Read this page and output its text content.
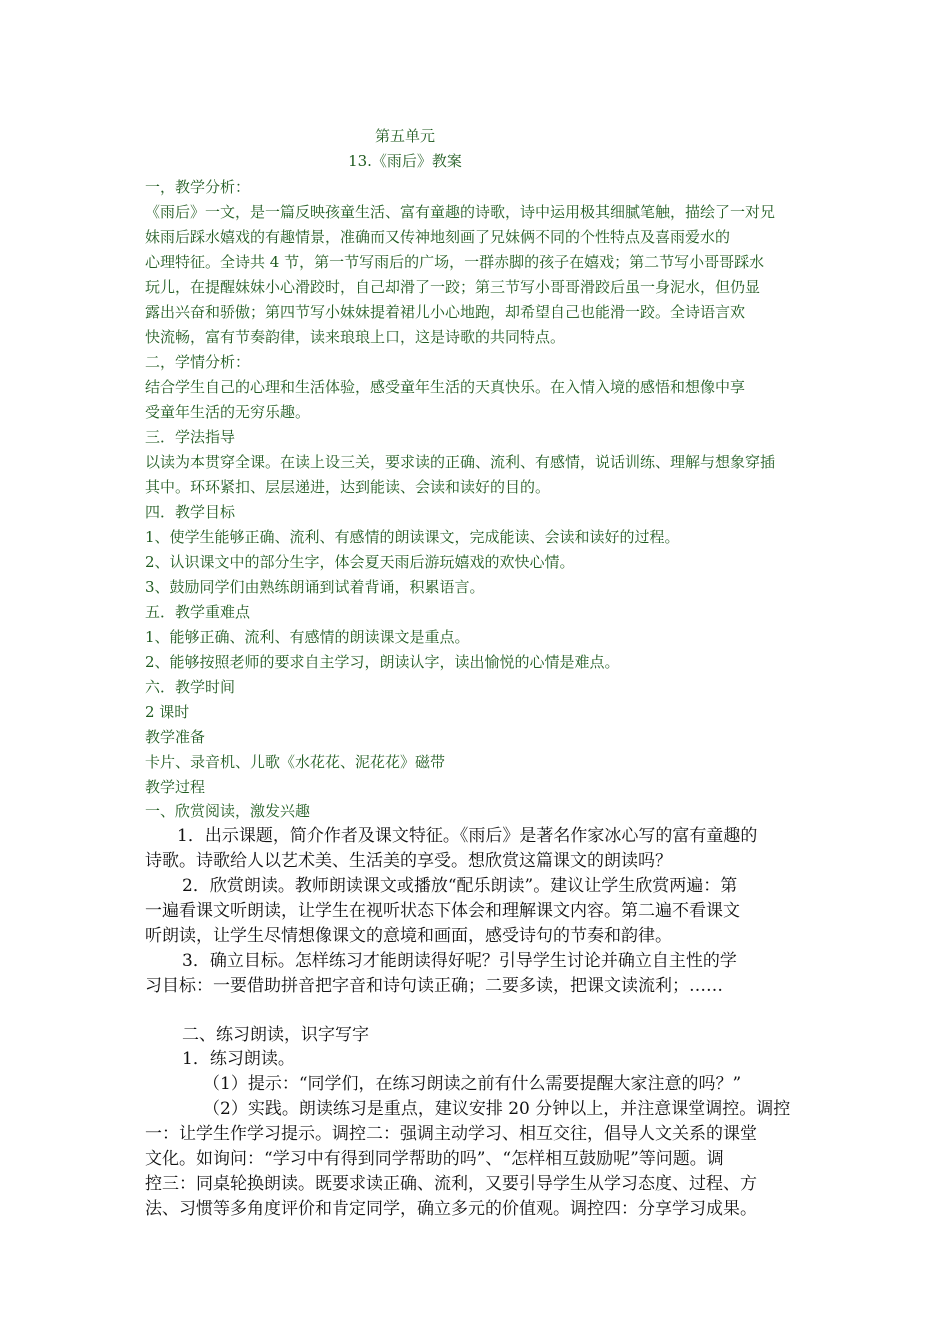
第五单元
13.《雨后》教案
一，教学分析：
《雨后》一文，是一篇反映孩童生活、富有童趣的诗歌，诗中运用极其细腻笔触，描绘了一对兄
妹雨后踩水嬉戏的有趣情景，准确而又传神地刻画了兄妹俩不同的个性特点及喜雨爱水的
心理特征。全诗共 4 节，第一节写雨后的广场，一群赤脚的孩子在嬉戏；第二节写小哥哥踩水
玩儿，在提醒妹妹小心滑跤时，自己却滑了一跤；第三节写小哥哥滑跤后虽一身泥水，但仍显
露出兴奋和骄傲；第四节写小妹妹提着裙儿小心地跑，却希望自己也能滑一跤。全诗语言欢
快流畅，富有节奏韵律，读来琅琅上口，这是诗歌的共同特点。
二，学情分析：
结合学生自己的心理和生活体验，感受童年生活的天真快乐。在入情入境的感悟和想像中享
受童年生活的无穷乐趣。
三．学法指导
以读为本贯穿全课。在读上设三关，要求读的正确、流利、有感情，说话训练、理解与想象穿插
其中。环环紧扣、层层递进，达到能读、会读和读好的目的。
四．教学目标
1、使学生能够正确、流利、有感情的朗读课文，完成能读、会读和读好的过程。
2、认识课文中的部分生字，体会夏天雨后游玩嬉戏的欢快心情。
3、鼓励同学们由熟练朗诵到试着背诵，积累语言。
五．教学重难点
1、能够正确、流利、有感情的朗读课文是重点。
2、能够按照老师的要求自主学习，朗读认字，读出愉悦的心情是难点。
六．教学时间
2 课时
教学准备
卡片、录音机、儿歌《水花花、泥花花》磁带
教学过程
一、欣赏阅读，激发兴趣
1．出示课题，简介作者及课文特征。《雨后》是著名作家冰心写的富有童趣的
诗歌。诗歌给人以艺术美、生活美的享受。想欣赏这篇课文的朗读吗？
2．欣赏朗读。教师朗读课文或播放“配乐朗读”。建议让学生欣赏两遍：第
一遍看课文听朗读，让学生在视听状态下体会和理解课文内容。第二遍不看课文
听朗读，让学生尽情想像课文的意境和画面，感受诗句的节奏和韵律。
3．确立目标。怎样练习才能朗读得好呢？引导学生讨论并确立自主性的学
习目标：一要借助拼音把字音和诗句读正确；二要多读，把课文读流利；……
二、练习朗读，识字写字
1．练习朗读。
（1）提示：“同学们，在练习朗读之前有什么需要提醒大家注意的吗？”
（2）实践。朗读练习是重点，建议安排 20 分钟以上，并注意课堂调控。调控
一：让学生作学习提示。调控二：强调主动学习、相互交往，倡导人文关系的课堂
文化。如询问：“学习中有得到同学帮助的吗”、“怎样相互鼓励呢”等问题。调
控三：同桌轮换朗读。既要求读正确、流利，又要引导学生从学习态度、过程、方
法、习惯等多角度评价和肯定同学，确立多元的价值观。调控四：分享学习成果。
